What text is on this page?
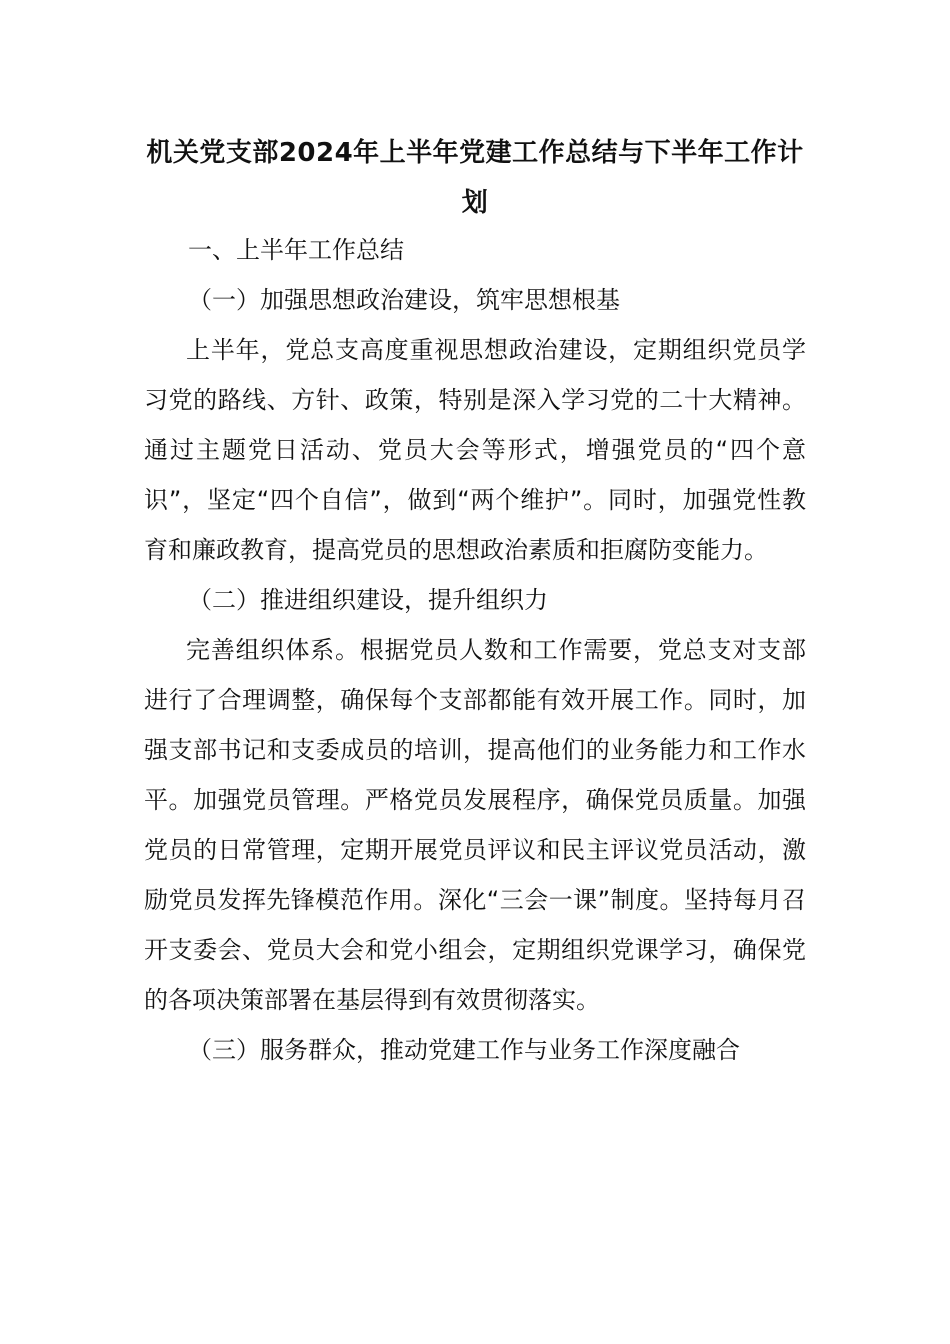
机关党支部2024年上半年党建工作总结与下半年工作计划

一、上半年工作总结

（一）加强思想政治建设，筑牢思想根基

上半年，党总支高度重视思想政治建设，定期组织党员学习党的路线、方针、政策，特别是深入学习党的二十大精神。通过主题党日活动、党员大会等形式，增强党员的“四个意识”，坚定“四个自信”，做到“两个维护”。同时，加强党性教育和廉政教育，提高党员的思想政治素质和拒腐防变能力。

（二）推进组织建设，提升组织力

完善组织体系。根据党员人数和工作需要，党总支对支部进行了合理调整，确保每个支部都能有效开展工作。同时，加强支部书记和支委成员的培训，提高他们的业务能力和工作水平。加强党员管理。严格党员发展程序，确保党员质量。加强党员的日常管理，定期开展党员评议和民主评议党员活动，激励党员发挥先锋模范作用。深化“三会一课”制度。坚持每月召开支委会、党员大会和党小组会，定期组织党课学习，确保党的各项决策部署在基层得到有效贯彻落实。

（三）服务群众，推动党建工作与业务工作深度融合
